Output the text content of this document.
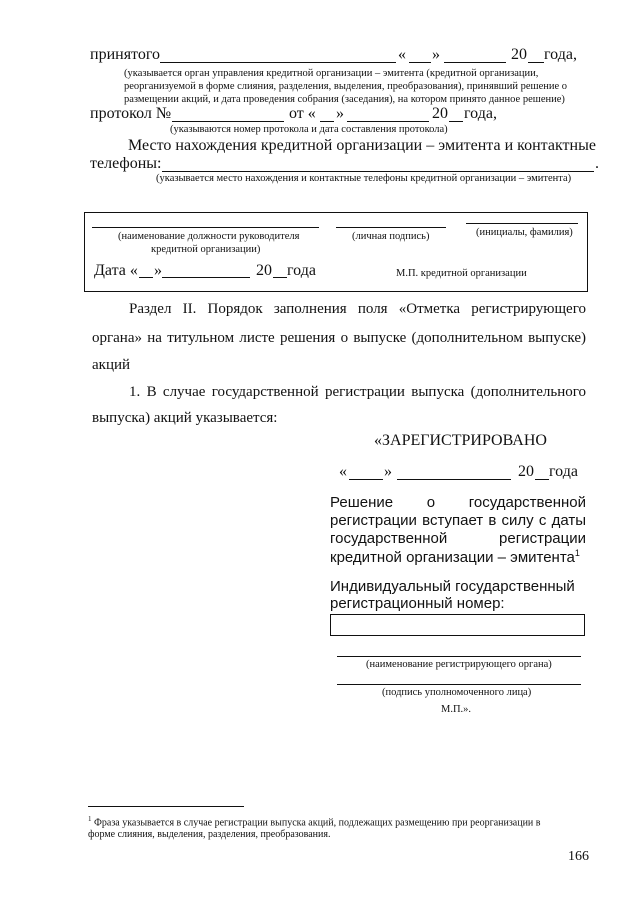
принятого	« »	20 года,
(указывается орган управления кредитной организации – эмитента (кредитной организации,
реорганизуемой в форме слияния, разделения, выделения, преобразования), принявший решение о
размещении акций, и дата проведения собрания (заседания), на котором принято данное решение)
протокол №	от « »	20 года,
(указываются номер протокола и дата составления протокола)
Место нахождения кредитной организации – эмитента и контактные
телефоны:	.
(указывается место нахождения и контактные телефоны кредитной организации – эмитента)
(наименование должности руководителя
кредитной организации)
(личная подпись)	(инициалы, фамилия)
Дата « »	20 года	М.П. кредитной организации
Раздел II. Порядок заполнения поля «Отметка регистрирующего
органа» на титульном листе решения о выпуске (дополнительном выпуске)
акций
1. В случае государственной регистрации выпуска (дополнительного
выпуска) акций указывается:
«ЗАРЕГИСТРИРОВАНО
« »	20 года
Решение о государственной
регистрации вступает в силу с даты
государственной регистрации
кредитной организации – эмитента$^1$
Индивидуальный государственный
регистрационный номер:
(наименование регистрирующего органа)
(подпись уполномоченного лица)
М.П.».
$^1$ Фраза указывается в случае регистрации выпуска акций, подлежащих размещению при реорганизации в
форме слияния, выделения, разделения, преобразования.
166
